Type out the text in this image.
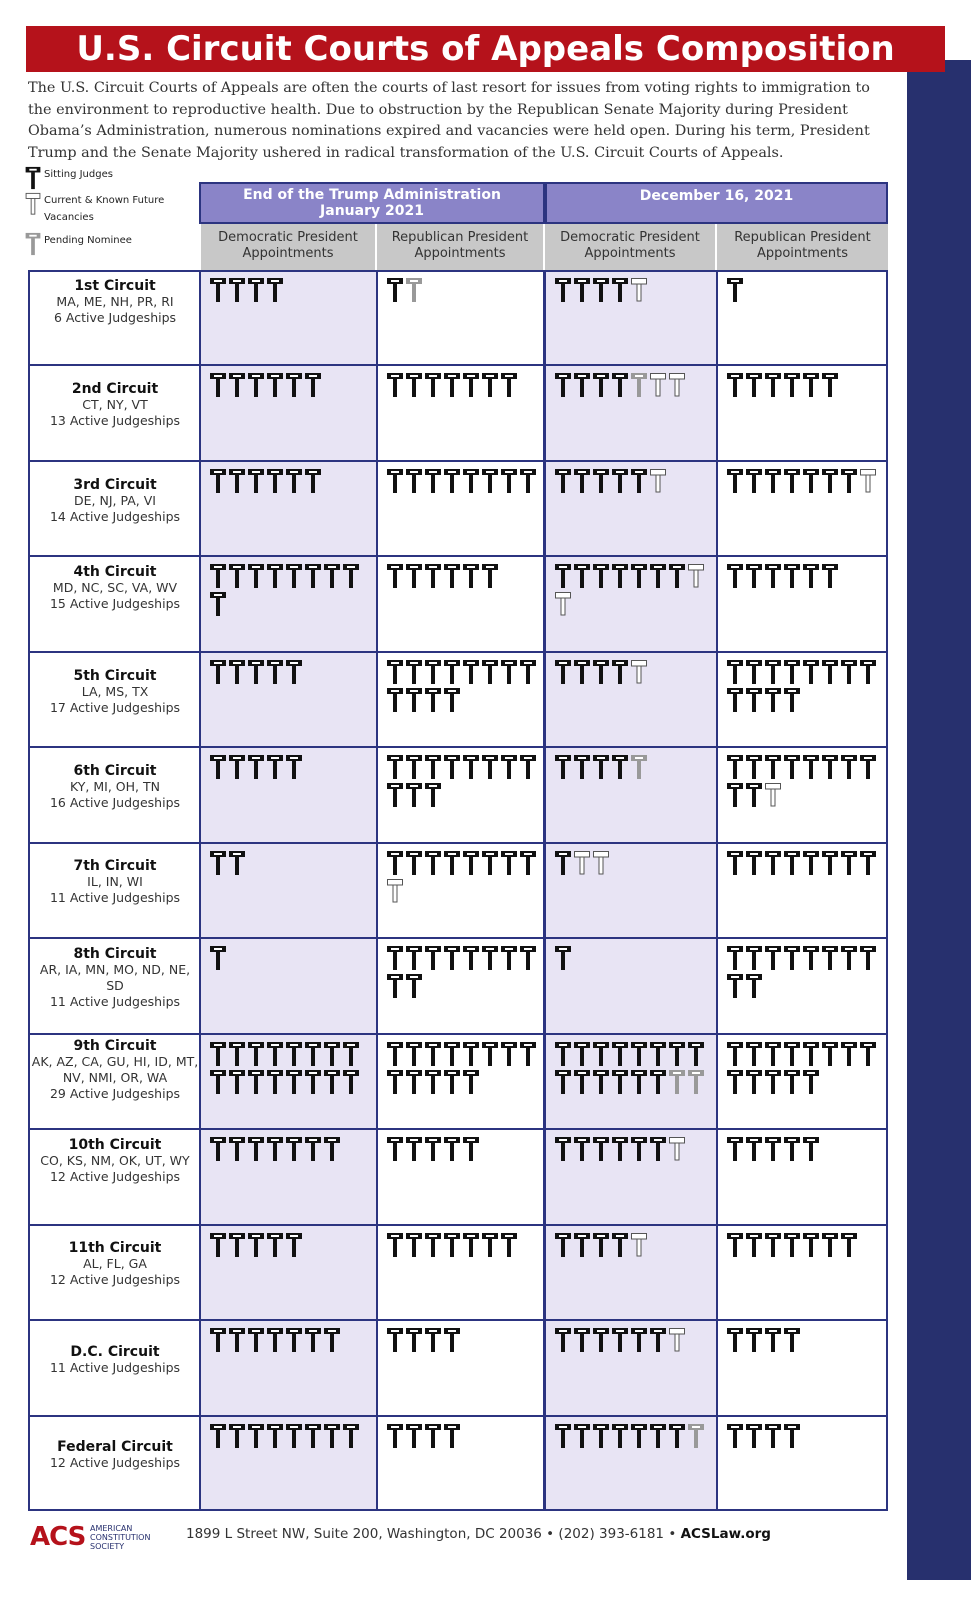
U.S. Circuit Courts of Appeals Composition
The U.S. Circuit Courts of Appeals are often the courts of last resort for issues from voting rights to immigration to the environment to reproductive health. Due to obstruction by the Republican Senate Majority during President Obama’s Administration, numerous nominations expired and vacancies were held open. During his term, President Trump and the Senate Majority ushered in radical transformation of the U.S. Circuit Courts of Appeals.
Sitting Judges
Current & Known Future Vacancies
Pending Nominee
End of the Trump Administration January 2021
December 16, 2021
Democratic President Appointments
Republican President Appointments
Democratic President Appointments
Republican President Appointments
1st Circuit
MA, ME, NH, PR, RI
6 Active Judgeships
2nd Circuit
CT, NY, VT
13 Active Judgeships
3rd Circuit
DE, NJ, PA, VI
14 Active Judgeships
4th Circuit
MD, NC, SC, VA, WV
15 Active Judgeships
5th Circuit
LA, MS, TX
17 Active Judgeships
6th Circuit
KY, MI, OH, TN
16 Active Judgeships
7th Circuit
IL, IN, WI
11 Active Judgeships
8th Circuit
AR, IA, MN, MO, ND, NE, SD
11 Active Judgeships
9th Circuit
AK, AZ, CA, GU, HI, ID, MT, NV, NMI, OR, WA
29 Active Judgeships
10th Circuit
CO, KS, NM, OK, UT, WY
12 Active Judgeships
11th Circuit
AL, FL, GA
12 Active Judgeships
D.C. Circuit
11 Active Judgeships
Federal Circuit
12 Active Judgeships
ACS AMERICAN CONSTITUTION SOCIETY
1899 L Street NW, Suite 200, Washington, DC 20036 • (202) 393-6181 • ACSLaw.org
